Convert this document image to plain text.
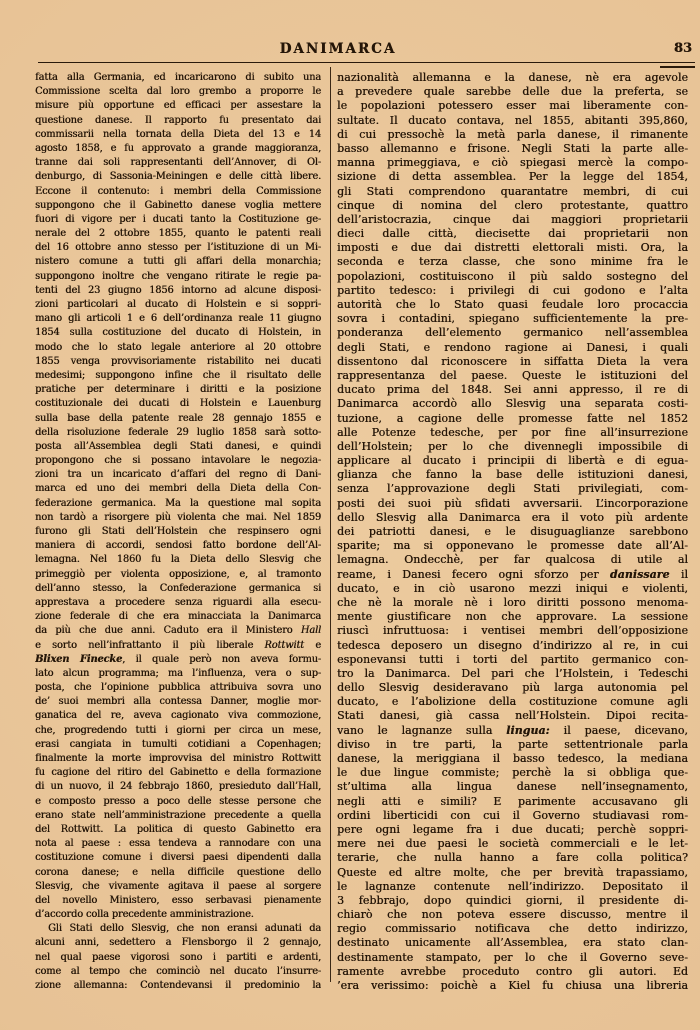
DANIMARCA	83
fatta alla Germania, ed incaricarono di subito una
Commissione scelta dal loro grembo a proporre le
misure più opportune ed efficaci per assestare la
questione danese. Il rapporto fu presentato dai
commissarii nella tornata della Dieta del 13 e 14
agosto 1858, e fu approvato a grande maggioranza,
tranne dai soli rappresentanti dell’Annover, di Ol-
denburgo, di Sassonia-Meiningen e delle città libere.
Eccone il contenuto: i membri della Commissione
suppongono che il Gabinetto danese voglia mettere
fuori di vigore per i ducati tanto la Costituzione ge-
nerale del 2 ottobre 1855, quanto le patenti reali
del 16 ottobre anno stesso per l’istituzione di un Mi-
nistero comune a tutti gli affari della monarchia;
suppongono inoltre che vengano ritirate le regie pa-
tenti del 23 giugno 1856 intorno ad alcune disposi-
zioni particolari al ducato di Holstein e si soppri-
mano gli articoli 1 e 6 dell’ordinanza reale 11 giugno
1854 sulla costituzione del ducato di Holstein, in
modo che lo stato legale anteriore al 20 ottobre
1855 venga provvisoriamente ristabilito nei ducati
medesimi; suppongono infine che il risultato delle
pratiche per determinare i diritti e la posizione
costituzionale dei ducati di Holstein e Lauenburg
sulla base della patente reale 28 gennajo 1855 e
della risoluzione federale 29 luglio 1858 sarà sotto-
posta all’Assemblea degli Stati danesi, e quindi
propongono che si possano intavolare le negozia-
zioni tra un incaricato d’affari del regno di Dani-
marca ed uno dei membri della Dieta della Con-
federazione germanica. Ma la questione mal sopita
non tardò a risorgere più violenta che mai. Nel 1859
furono gli Stati dell’Holstein che respinsero ogni
maniera di accordi, sendosi fatto bordone dell’Al-
lemagna. Nel 1860 fu la Dieta dello Slesvig che
primeggiò per violenta opposizione, e, al tramonto
dell’anno stesso, la Confederazione germanica si
apprestava a procedere senza riguardi alla esecu-
zione federale di che era minacciata la Danimarca
da più che due anni. Caduto era il Ministero Hall
e sorto nell’infrattanto il più liberale Rottwitt e
Blixen Finecke, il quale però non aveva formu-
lato alcun programma; ma l’influenza, vera o sup-
posta, che l’opinione pubblica attribuiva sovra uno
de’ suoi membri alla contessa Danner, moglie mor-
ganatica del re, aveva cagionato viva commozione,
che, progredendo tutti i giorni per circa un mese,
erasi cangiata in tumulti cotidiani a Copenhagen;
finalmente la morte improvvisa del ministro Rottwitt
fu cagione del ritiro del Gabinetto e della formazione
di un nuovo, il 24 febbrajo 1860, presieduto dall’Hall,
e composto presso a poco delle stesse persone che
erano state nell’amministrazione precedente a quella
del Rottwitt. La politica di questo Gabinetto era
nota al paese : essa tendeva a rannodare con una
costituzione comune i diversi paesi dipendenti dalla
corona danese; e nella difficile questione dello
Slesvig, che vivamente agitava il paese al sorgere
del novello Ministero, esso serbavasi pienamente
d’accordo colla precedente amministrazione.
Gli Stati dello Slesvig, che non eransi adunati da
alcuni anni, sedettero a Flensborgo il 2 gennajo,
nel qual paese vigorosi sono i partiti e ardenti,
come al tempo che cominciò nel ducato l’insurre-
zione allemanna: Contendevansi il predominio la
nazionalità allemanna e la danese, nè era agevole
a prevedere quale sarebbe delle due la preferta, se
le popolazioni potessero esser mai liberamente con-
sultate. Il ducato contava, nel 1855, abitanti 395,860,
di cui pressochè la metà parla danese, il rimanente
basso allemanno e frisone. Negli Stati la parte alle-
manna primeggiava, e ciò spiegasi mercè la compo-
sizione di detta assemblea. Per la legge del 1854,
gli Stati comprendono quarantatre membri, di cui
cinque di nomina del clero protestante, quattro
dell’aristocrazia, cinque dai maggiori proprietarii
dieci dalle città, diecisette dai proprietarii non
imposti e due dai distretti elettorali misti. Ora, la
seconda e terza classe, che sono minime fra le
popolazioni, costituiscono il più saldo sostegno del
partito tedesco: i privilegi di cui godono e l’alta
autorità che lo Stato quasi feudale loro procaccia
sovra i contadini, spiegano sufficientemente la pre-
ponderanza dell’elemento germanico nell’assemblea
degli Stati, e rendono ragione ai Danesi, i quali
dissentono dal riconoscere in siffatta Dieta la vera
rappresentanza del paese. Queste le istituzioni del
ducato prima del 1848. Sei anni appresso, il re di
Danimarca accordò allo Slesvig una separata costi-
tuzione, a cagione delle promesse fatte nel 1852
alle Potenze tedesche, per por fine all’insurrezione
dell’Holstein; per lo che divennegli impossibile di
applicare al ducato i principii di libertà e di egua-
glianza che fanno la base delle istituzioni danesi,
senza l’approvazione degli Stati privilegiati, com-
posti dei suoi più sfidati avversarii. L’incorporazione
dello Slesvig alla Danimarca era il voto più ardente
dei patriotti danesi, e le disuguaglianze sarebbono
sparite; ma si opponevano le promesse date all’Al-
lemagna. Ondecchè, per far qualcosa di utile al
reame, i Danesi fecero ogni sforzo per danissare il
ducato, e in ciò usarono mezzi iniqui e violenti,
che nè la morale nè i loro diritti possono menoma-
mente giustificare non che approvare. La sessione
riuscì infruttuosa: i ventisei membri dell’opposizione
tedesca deposero un disegno d’indirizzo al re, in cui
esponevansi tutti i torti del partito germanico con-
tro la Danimarca. Del pari che l’Holstein, i Tedeschi
dello Slesvig desideravano più larga autonomia pel
ducato, e l’abolizione della costituzione comune agli
Stati danesi, già cassa nell’Holstein. Dipoi recita-
vano le lagnanze sulla lingua: il paese, dicevano,
diviso in tre parti, la parte settentrionale parla
danese, la meriggiana il basso tedesco, la mediana
le due lingue commiste; perchè la si obbliga que-
st’ultima alla lingua danese nell’insegnamento,
negli atti e simili? E parimente accusavano gli
ordini liberticidi con cui il Governo studiavasi rom-
pere ogni legame fra i due ducati; perchè soppri-
mere nei due paesi le società commerciali e le let-
terarie, che nulla hanno a fare colla politica?
Queste ed altre molte, che per brevità trapassiamo,
le lagnanze contenute nell’indirizzo. Depositato il
3 febbrajo, dopo quindici giorni, il presidente di-
chiarò che non poteva essere discusso, mentre il
regio commissario notificava che detto indirizzo,
destinato unicamente all’Assemblea, era stato clan-
destinamente stampato, per lo che il Governo seve-
ramente avrebbe proceduto contro gli autori. Ed
’era verissimo: poichè a Kiel fu chiusa una libreria
